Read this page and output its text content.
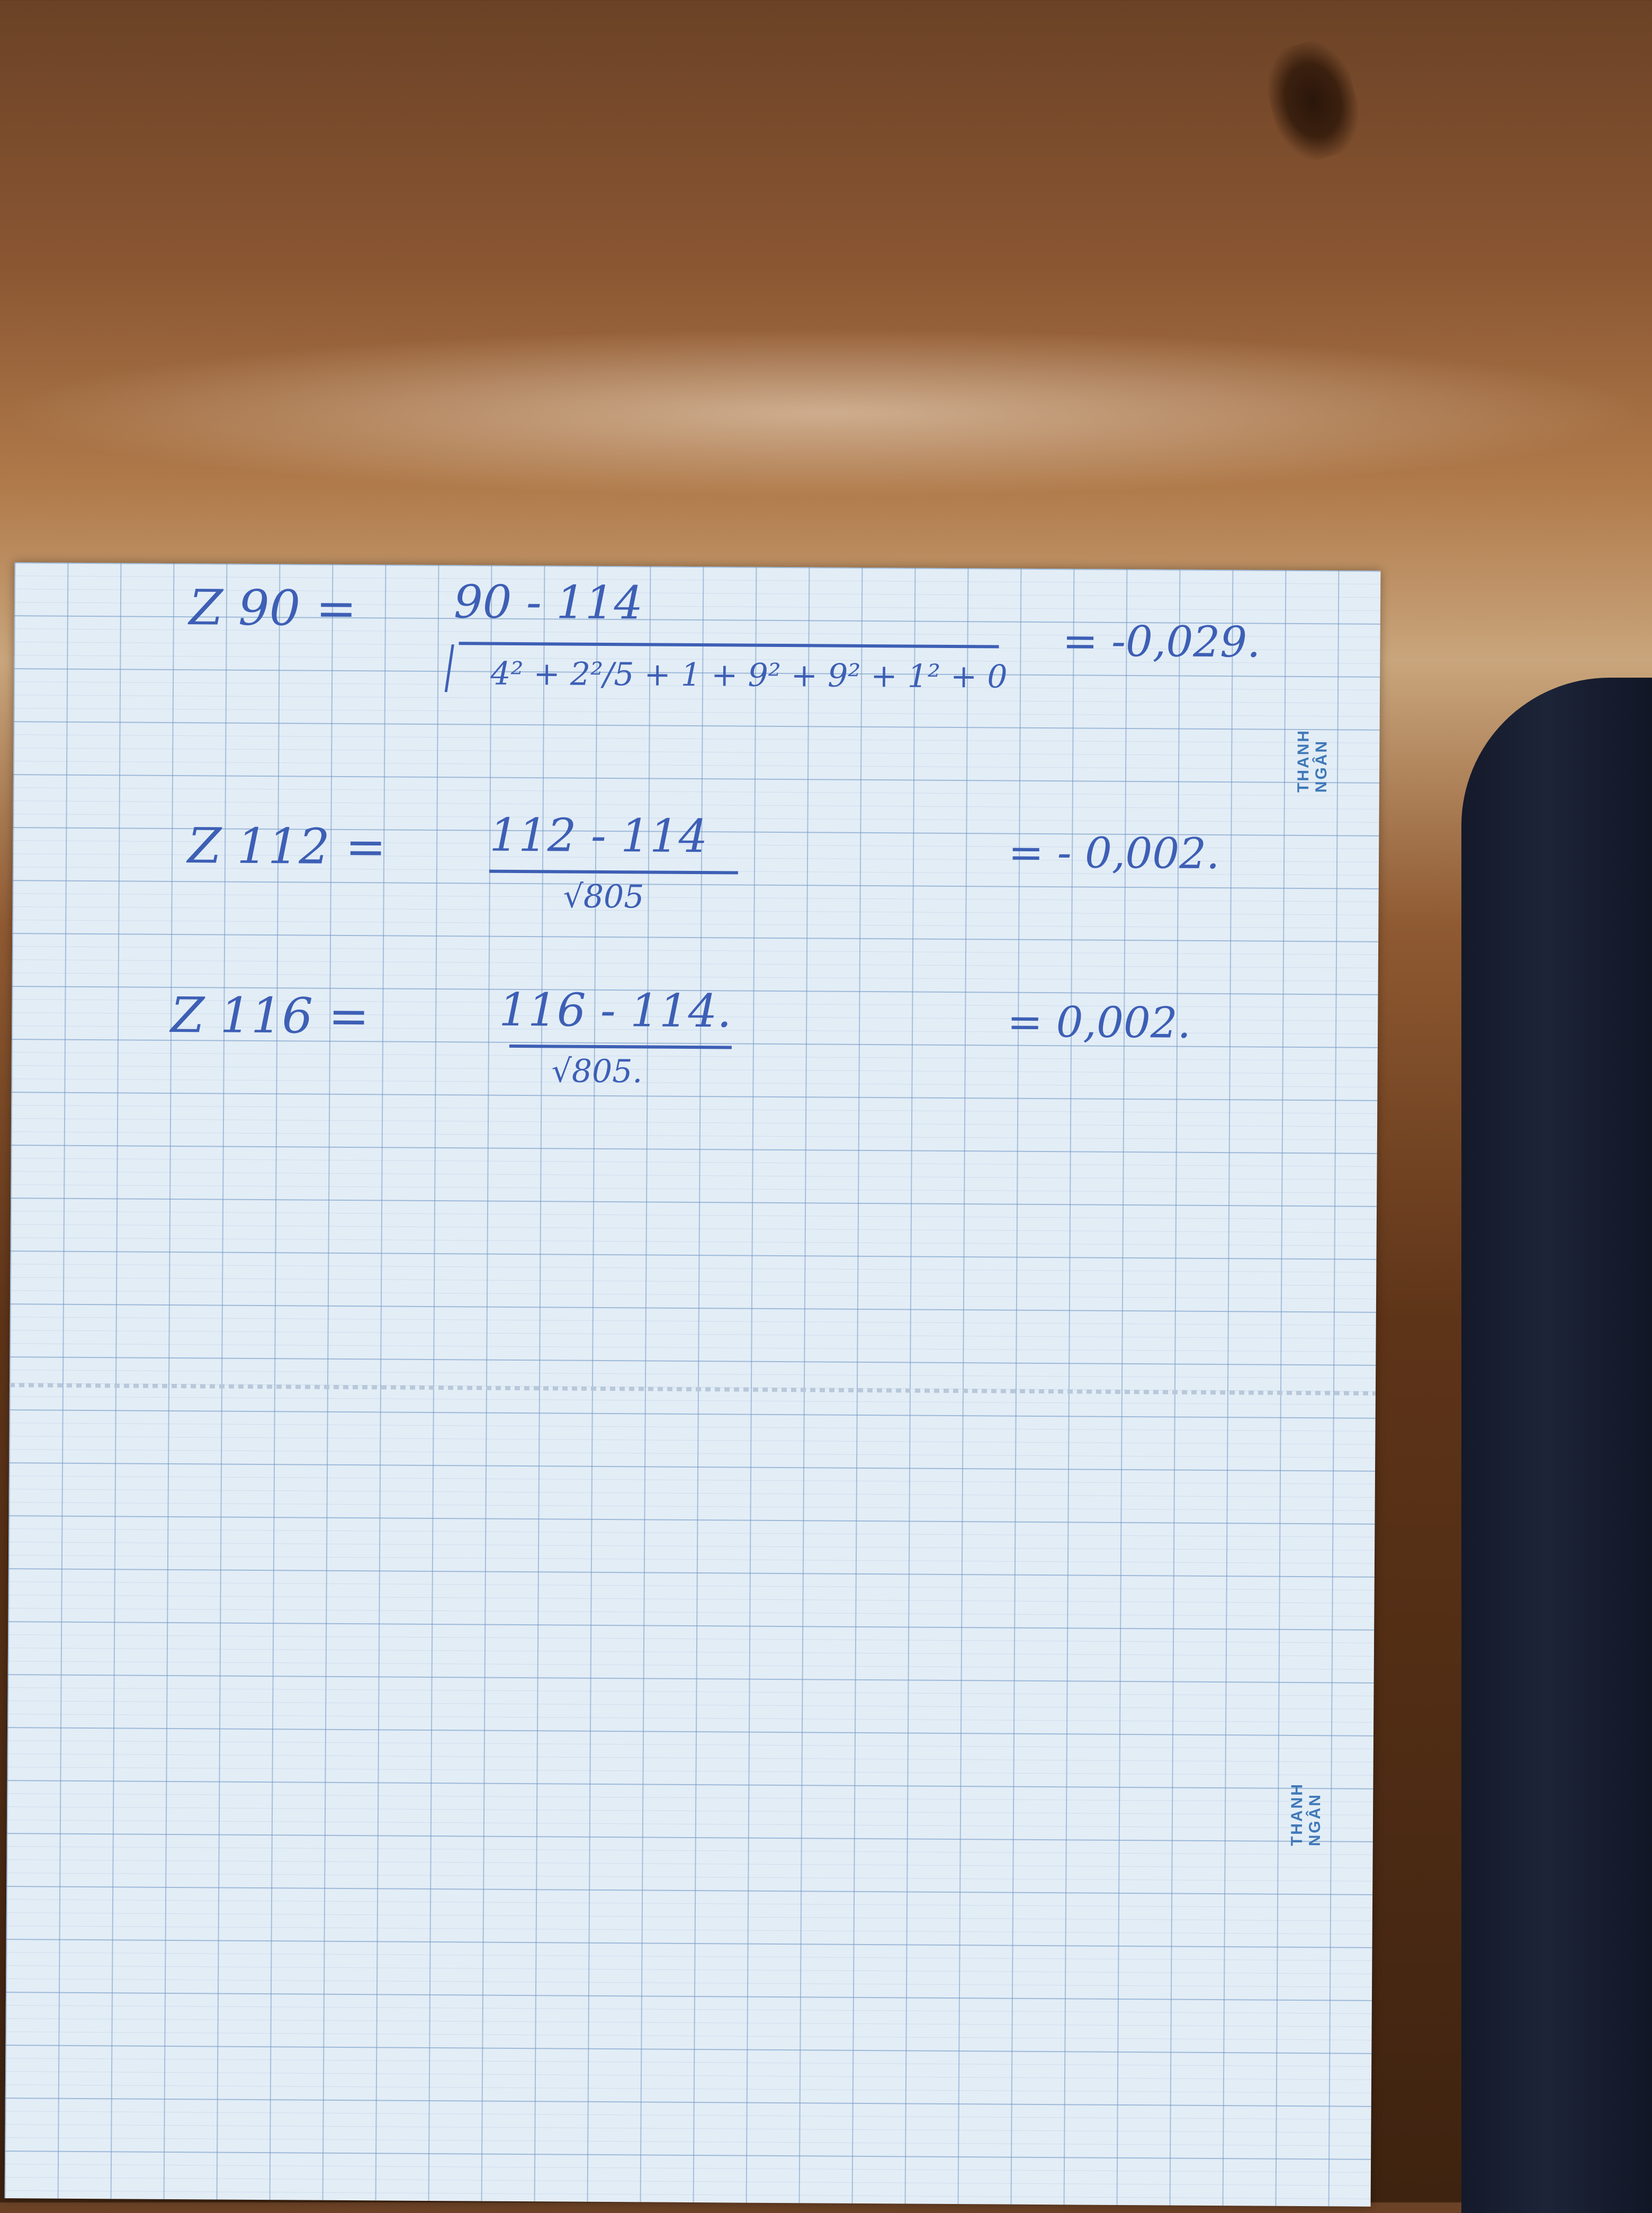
THANH NGÂN
THANH NGÂN
Z 90 = 90 - 114
4² + 2²/5 + 1 + 9² + 9² + 1² + 0
= -0,029.
Z 112 = 112 - 114
√805
= - 0,002.
Z 116 =	116 - 114.
√805.
= 0,002.
